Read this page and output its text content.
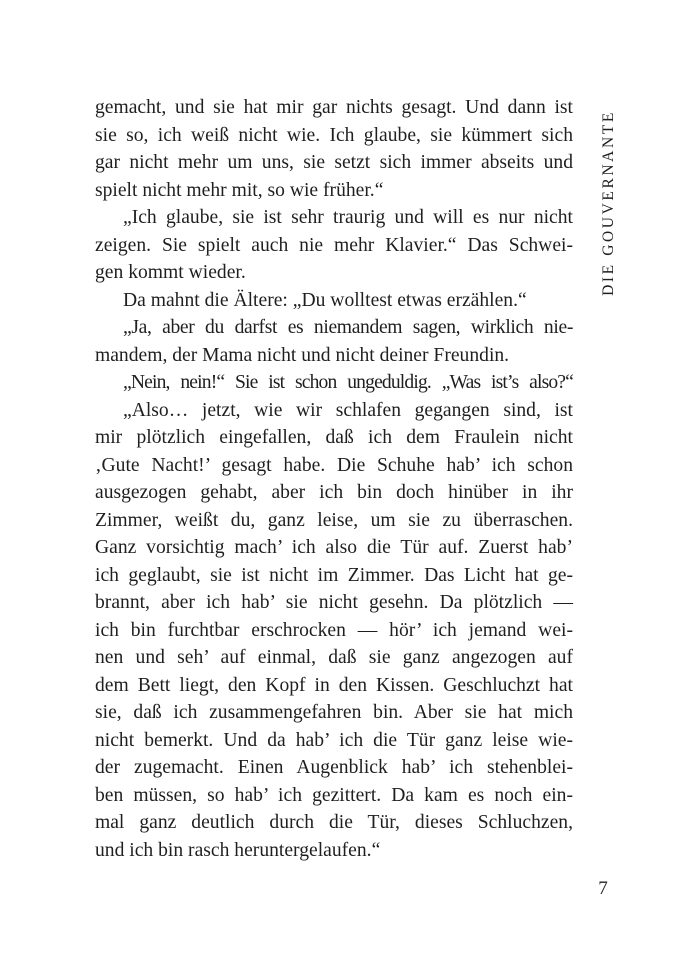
gemacht, und sie hat mir gar nichts gesagt. Und dann ist
sie so, ich weiß nicht wie. Ich glaube, sie kümmert sich
gar nicht mehr um uns, sie setzt sich immer abseits und
spielt nicht mehr mit, so wie früher.“
„Ich glaube, sie ist sehr traurig und will es nur nicht
zeigen. Sie spielt auch nie mehr Klavier.“ Das Schwei-
gen kommt wieder.
Da mahnt die Ältere: „Du wolltest etwas erzählen.“
„Ja, aber du darfst es niemandem sagen, wirklich nie-
mandem, der Mama nicht und nicht deiner Freundin.
„Nein, nein!“ Sie ist schon ungeduldig. „Was ist’s also?“
„Also… jetzt, wie wir schlafen gegangen sind, ist
mir plötzlich eingefallen, daß ich dem Fraulein nicht
‚Gute Nacht!’ gesagt habe. Die Schuhe hab’ ich schon
ausgezogen gehabt, aber ich bin doch hinüber in ihr
Zimmer, weißt du, ganz leise, um sie zu überraschen.
Ganz vorsichtig mach’ ich also die Tür auf. Zuerst hab’
ich geglaubt, sie ist nicht im Zimmer. Das Licht hat ge-
brannt, aber ich hab’ sie nicht gesehn. Da plötzlich —
ich bin furchtbar erschrocken — hör’ ich jemand wei-
nen und seh’ auf einmal, daß sie ganz angezogen auf
dem Bett liegt, den Kopf in den Kissen. Geschluchzt hat
sie, daß ich zusammengefahren bin. Aber sie hat mich
nicht bemerkt. Und da hab’ ich die Tür ganz leise wie-
der zugemacht. Einen Augenblick hab’ ich stehenblei-
ben müssen, so hab’ ich gezittert. Da kam es noch ein-
mal ganz deutlich durch die Tür, dieses Schluchzen,
und ich bin rasch heruntergelaufen.“
DIE GOUVERNANTE
7
